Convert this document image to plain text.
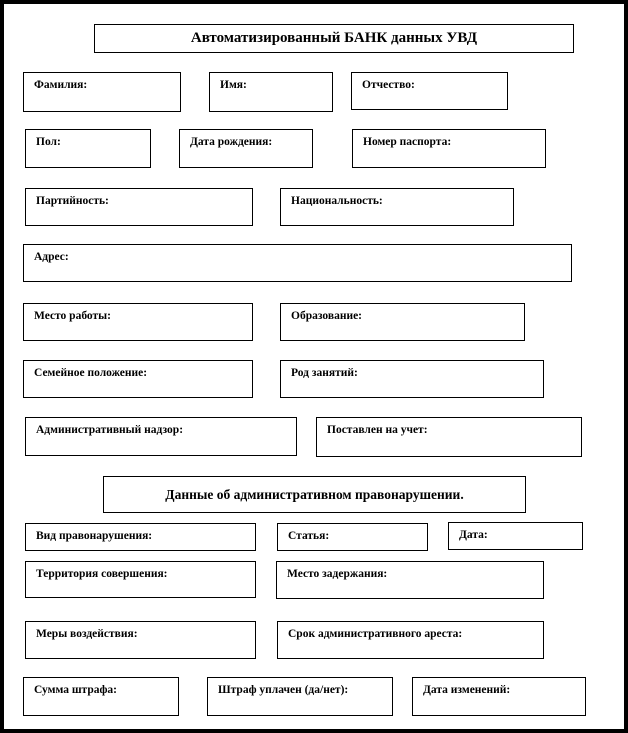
Автоматизированный БАНК данных УВД
Фамилия:	Имя:	Отчество:
Пол:	Дата рождения:	Номер паспорта:
Партийность:	Национальность:
Адрес:
Место работы:	Образование:
Семейное положение:	Род занятий:
Административный надзор:	Поставлен на учет:
Данные об административном правонарушении.
Вид правонарушения:	Статья:	Дата:
Территория совершения:	Место задержания:
Меры воздействия:	Срок административного ареста:
Сумма штрафа:	Штраф уплачен (да/нет):	Дата изменений:
